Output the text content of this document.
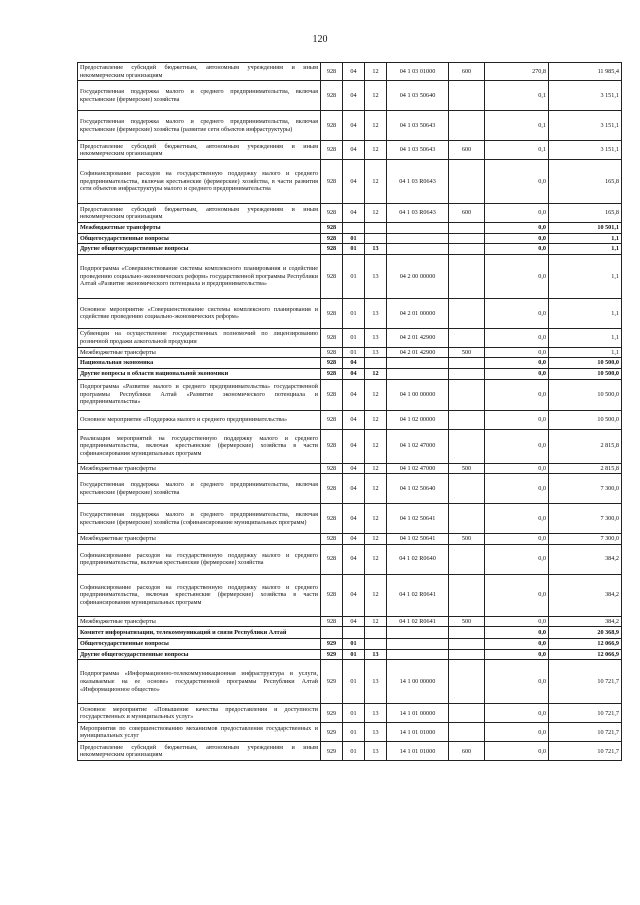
120
Предоставление субсидий бюджетным, автономным учреждениям и иным некоммерческим организациям	928	04	12	04 1 03 01000	600	270,8	11 985,4
Государственная поддержка малого и среднего предпринимательства, включая крестьянские (фермерские) хозяйства	928	04	12	04 1 03 50640		0,1	3 151,1
Государственная поддержка малого и среднего предпринимательства, включая крестьянские (фермерские) хозяйства (развитие сети объектов инфраструктуры)	928	04	12	04 1 03 50643		0,1	3 151,1
Предоставление субсидий бюджетным, автономным учреждениям и иным некоммерческим организациям	928	04	12	04 1 03 50643	600	0,1	3 151,1
Софинансирование расходов на государственную поддержку малого и среднего предпринимательства, включая крестьянские (фермерские) хозяйства, в части развития сети объектов инфраструктуры малого и среднего предпринимательства	928	04	12	04 1 03 R0643		0,0	165,8
Предоставление субсидий бюджетным, автономным учреждениям и иным некоммерческим организациям	928	04	12	04 1 03 R0643	600	0,0	165,8
Межбюджетные трансферты	928					0,0	10 501,1
Общегосударственные вопросы	928	01				0,0	1,1
Другие общегосударственные вопросы	928	01	13			0,0	1,1
Подпрограмма «Совершенствование системы комплексного планирования и содействие проведению социально-экономических реформ» государственной программы Республики Алтай «Развитие экономического потенциала и предпринимательства»	928	01	13	04 2 00 00000		0,0	1,1
Основное мероприятие «Совершенствование системы комплексного планирования и содействие проведению социально-экономических реформ»	928	01	13	04 2 01 00000		0,0	1,1
Субвенции на осуществление государственных полномочий по лицензированию розничной продажи алкогольной продукции	928	01	13	04 2 01 42900		0,0	1,1
Межбюджетные трансферты	928	01	13	04 2 01 42900	500	0,0	1,1
Национальная экономика	928	04				0,0	10 500,0
Другие вопросы в области национальной экономики	928	04	12			0,0	10 500,0
Подпрограмма «Развитие малого и среднего предпринимательства» государственной программы Республики Алтай «Развитие экономического потенциала и предпринимательства»	928	04	12	04 1 00 00000		0,0	10 500,0
Основное мероприятие «Поддержка малого и среднего предпринимательства»	928	04	12	04 1 02 00000		0,0	10 500,0
Реализация мероприятий на государственную поддержку малого и среднего предпринимательства, включая крестьянские (фермерские) хозяйства в части софинансирования муниципальных программ	928	04	12	04 1 02 47000		0,0	2 815,8
Межбюджетные трансферты	928	04	12	04 1 02 47000	500	0,0	2 815,8
Государственная поддержка малого и среднего предпринимательства, включая крестьянские (фермерские) хозяйства	928	04	12	04 1 02 50640		0,0	7 300,0
Государственная поддержка малого и среднего предпринимательства, включая крестьянские (фермерские) хозяйства (софинансирование муниципальных программ)	928	04	12	04 1 02 50641		0,0	7 300,0
Межбюджетные трансферты	928	04	12	04 1 02 50641	500	0,0	7 300,0
Софинансирование расходов на государственную поддержку малого и среднего предпринимательства, включая крестьянские (фермерские) хозяйства	928	04	12	04 1 02 R0640		0,0	384,2
Софинансирование расходов на государственную поддержку малого и среднего предпринимательства, включая крестьянские (фермерские) хозяйства в части софинансирования муниципальных программ	928	04	12	04 1 02 R0641		0,0	384,2
Межбюджетные трансферты	928	04	12	04 1 02 R0641	500	0,0	384,2
Комитет информатизации, телекоммуникаций и связи Республики Алтай						0,0	20 368,9
Общегосударственные вопросы	929	01				0,0	12 066,9
Другие общегосударственные вопросы	929	01	13			0,0	12 066,9
Подпрограмма «Информационно-телекоммуникационная инфраструктура и услуги, оказываемые на ее основе» государственной программы Республики Алтай «Информационное общество»	929	01	13	14 1 00 00000		0,0	10 721,7
Основное мероприятие «Повышение качества предоставления и доступности государственных и муниципальных услуг»	929	01	13	14 1 01 00000		0,0	10 721,7
Мероприятия по совершенствованию механизмов предоставления государственных и муниципальных услуг	929	01	13	14 1 01 01000		0,0	10 721,7
Предоставление субсидий бюджетным, автономным учреждениям и иным некоммерческим организациям	929	01	13	14 1 01 01000	600	0,0	10 721,7
